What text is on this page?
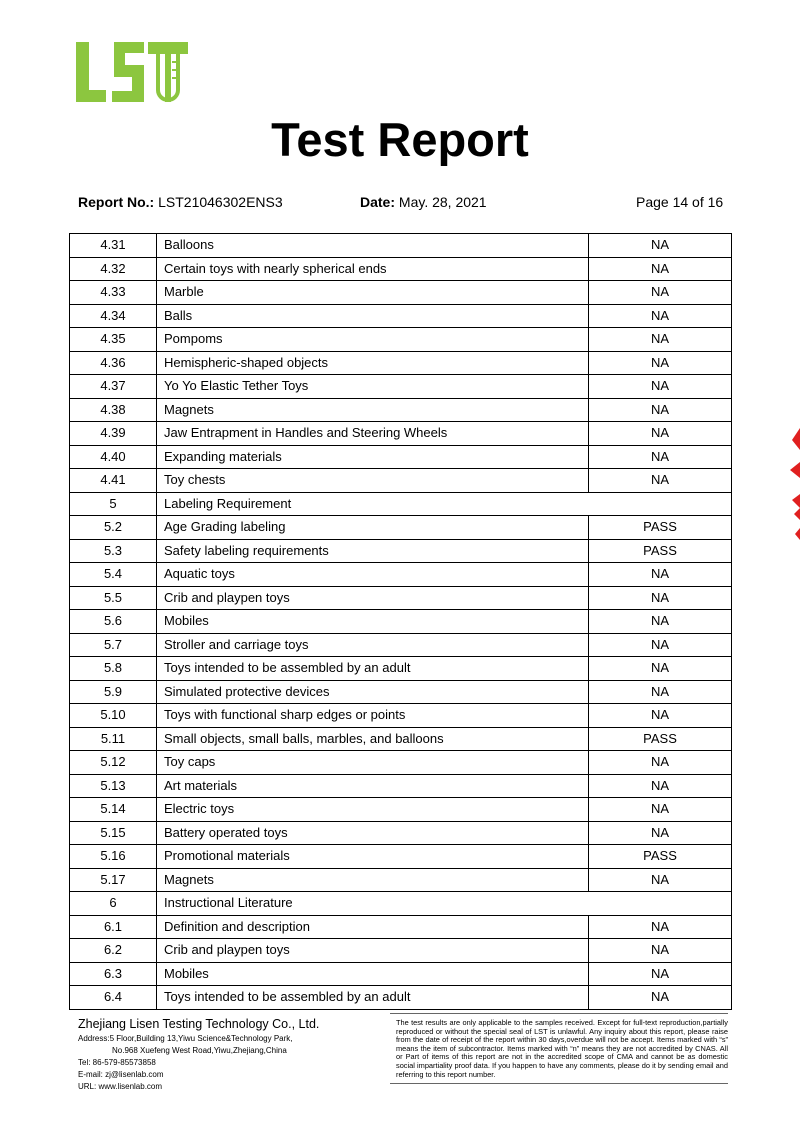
Test Report
Report No.: LST21046302ENS3	Date: May. 28, 2021	Page 14 of 16
4.31	Balloons	NA
4.32	Certain toys with nearly spherical ends	NA
4.33	Marble	NA
4.34	Balls	NA
4.35	Pompoms	NA
4.36	Hemispheric-shaped objects	NA
4.37	Yo Yo Elastic Tether Toys	NA
4.38	Magnets	NA
4.39	Jaw Entrapment in Handles and Steering Wheels	NA
4.40	Expanding materials	NA
4.41	Toy chests	NA
5	Labeling Requirement	
5.2	Age Grading labeling	PASS
5.3	Safety labeling requirements	PASS
5.4	Aquatic toys	NA
5.5	Crib and playpen toys	NA
5.6	Mobiles	NA
5.7	Stroller and carriage toys	NA
5.8	Toys intended to be assembled by an adult	NA
5.9	Simulated protective devices	NA
5.10	Toys with functional sharp edges or points	NA
5.11	Small objects, small balls, marbles, and balloons	PASS
5.12	Toy caps	NA
5.13	Art materials	NA
5.14	Electric toys	NA
5.15	Battery operated toys	NA
5.16	Promotional materials	PASS
5.17	Magnets	NA
6	Instructional Literature	
6.1	Definition and description	NA
6.2	Crib and playpen toys	NA
6.3	Mobiles	NA
6.4	Toys intended to be assembled by an adult	NA
Zhejiang Lisen Testing Technology Co., Ltd.
Address:5 Floor,Building 13,Yiwu Science&Technology Park,
No.968 Xuefeng West Road,Yiwu,Zhejiang,China
Tel: 86-579-85573858
E-mail: zj@lisenlab.com
URL: www.lisenlab.com
The test results are only applicable to the samples received. Except for full-text reproduction,partially reproduced or without the special seal of LST is unlawful. Any inquiry about this report, please raise from the date of receipt of the report within 30 days,overdue will not be accept. Items marked with “s” means the item of subcontractor. Items marked with “n” means they are not accredited by CNAS. All or Part of items of this report are not in the accredited scope of CMA and cannot be as domestic social impartiality proof data. If you happen to have any comments, please do it by sending email and referring to this report number.
